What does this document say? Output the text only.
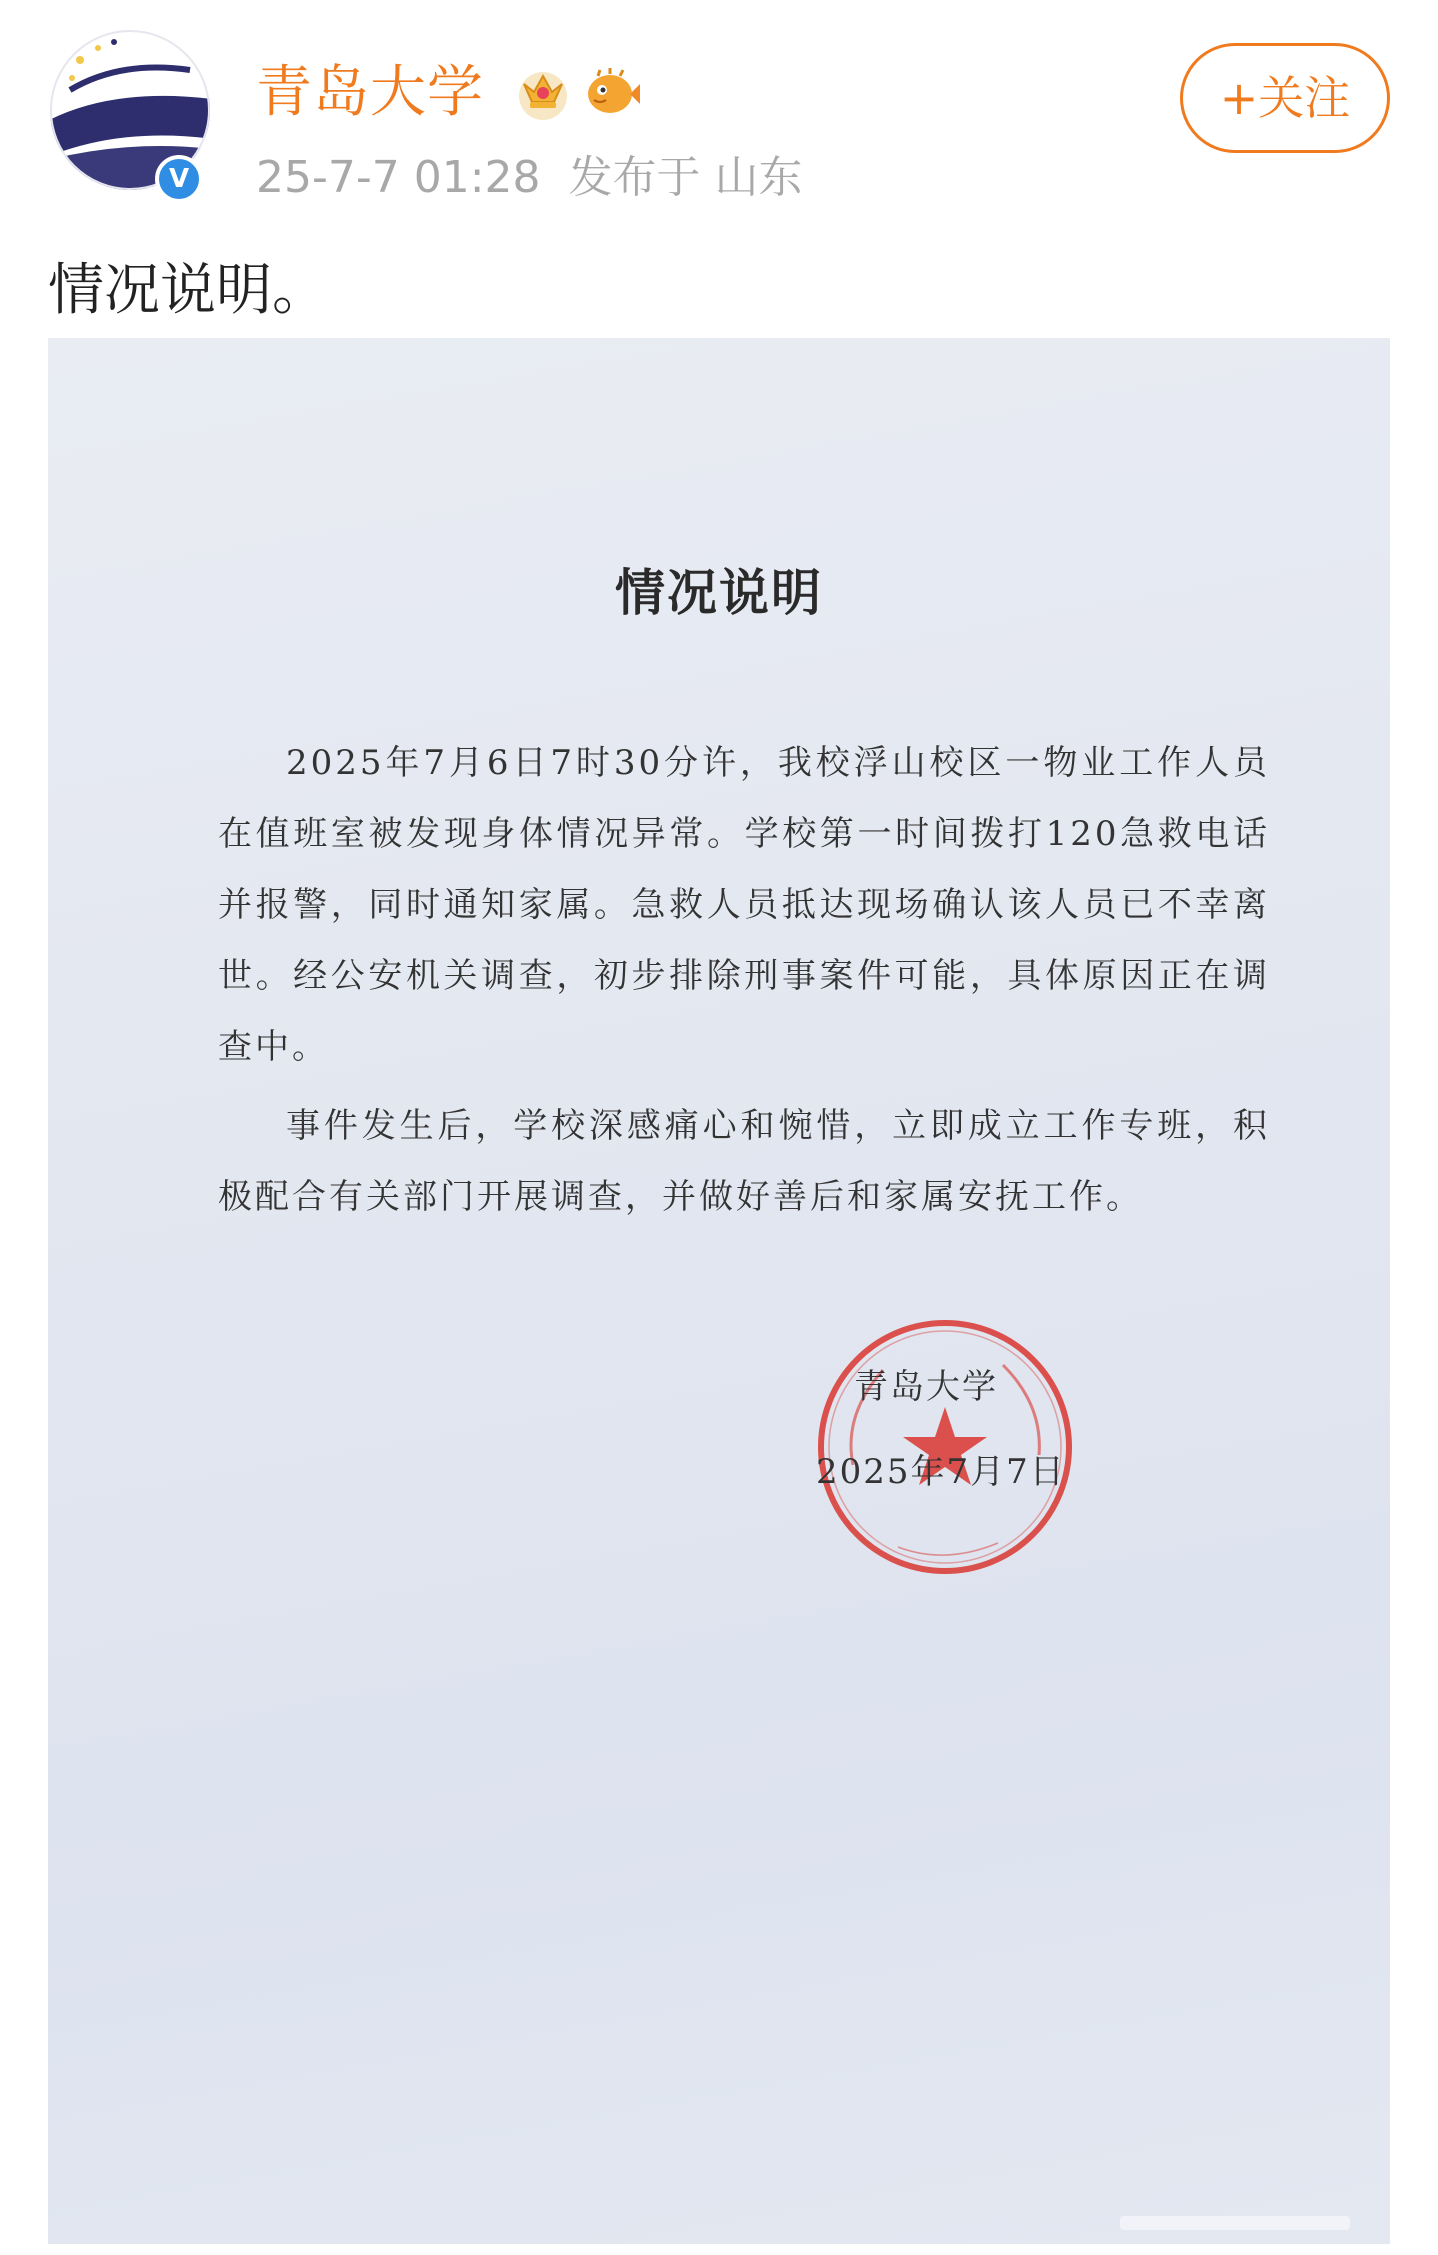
V
青岛大学
25-7-7 01:28 发布于 山东
+关注
情况说明。
情况说明
2025年7月6日7时30分许，我校浮山校区一物业工作人员在值班室被发现身体情况异常。学校第一时间拨打120急救电话并报警，同时通知家属。急救人员抵达现场确认该人员已不幸离世。经公安机关调查，初步排除刑事案件可能，具体原因正在调查中。
事件发生后，学校深感痛心和惋惜，立即成立工作专班，积极配合有关部门开展调查，并做好善后和家属安抚工作。
青岛大学
2025年7月7日
